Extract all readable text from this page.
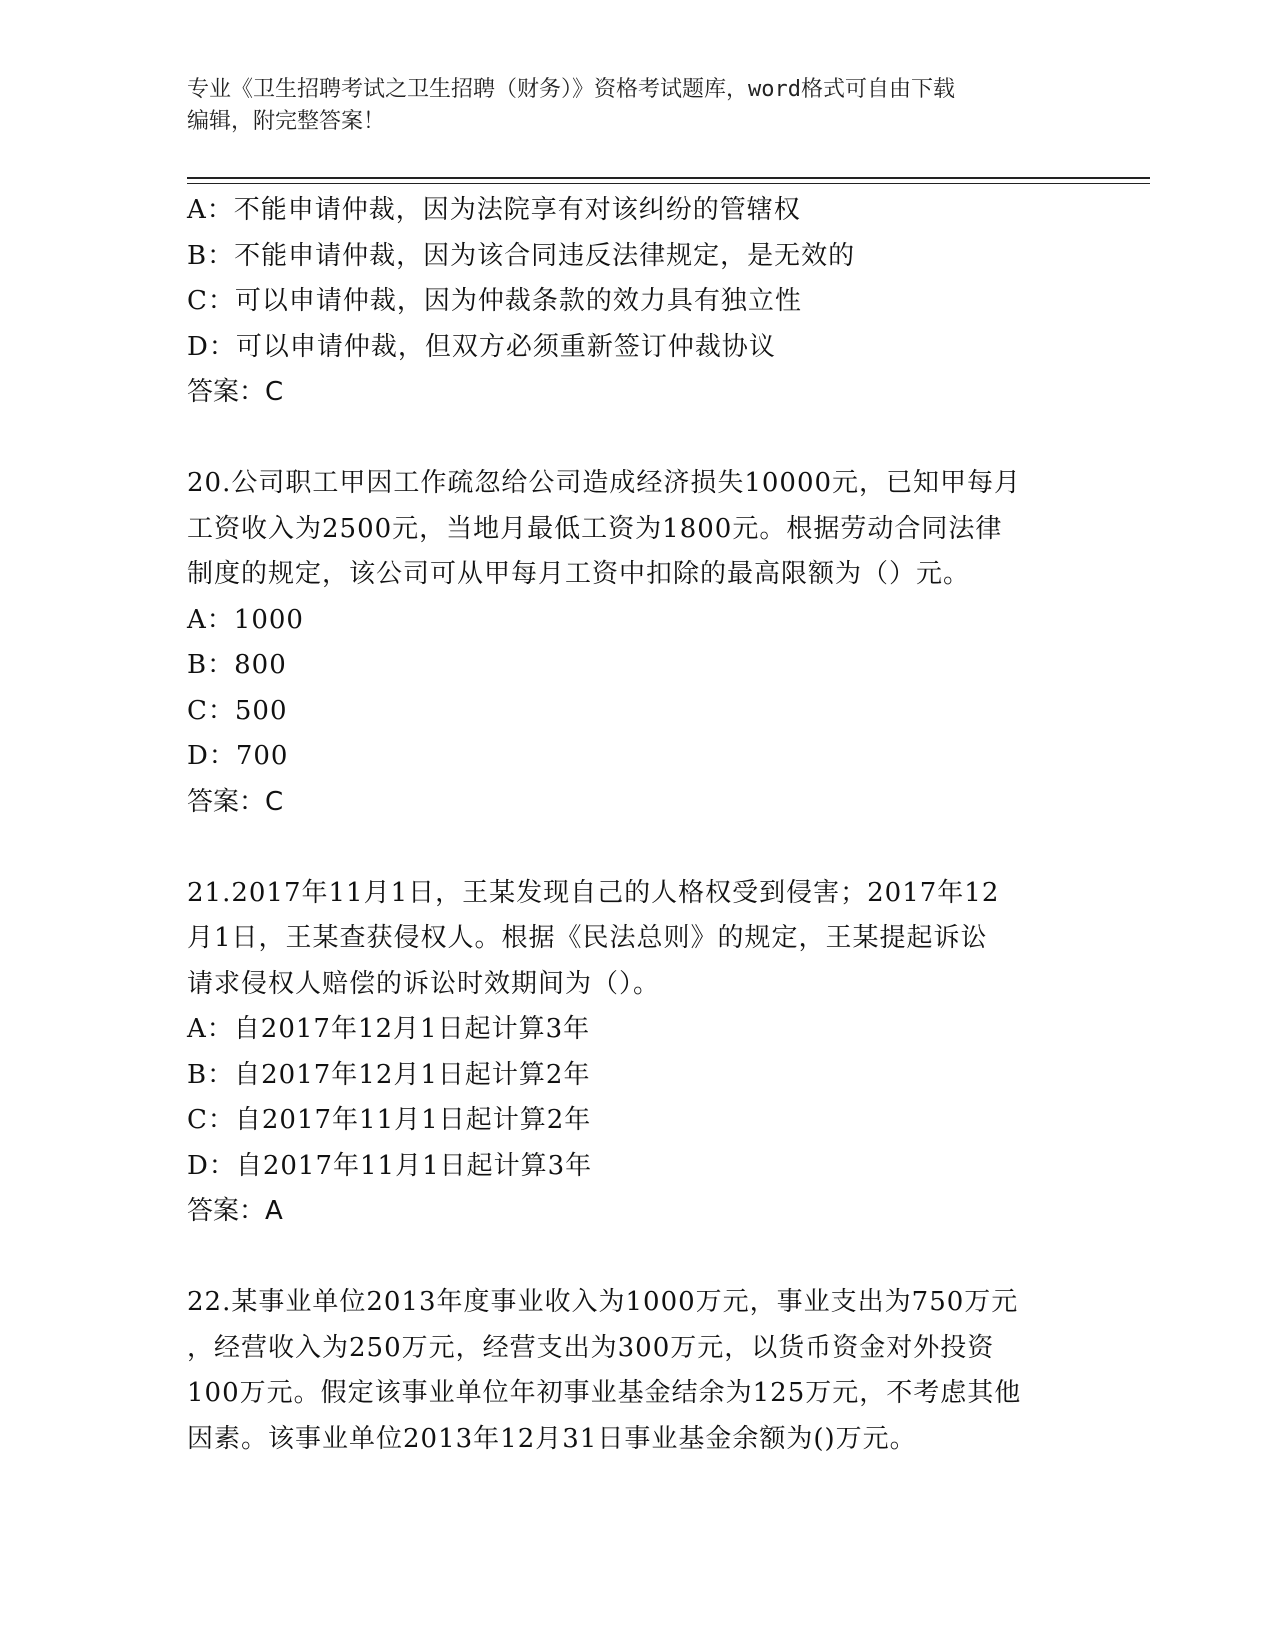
专业《卫生招聘考试之卫生招聘（财务）》资格考试题库，word格式可自由下载
编辑，附完整答案！
A：不能申请仲裁，因为法院享有对该纠纷的管辖权
B：不能申请仲裁，因为该合同违反法律规定，是无效的
C：可以申请仲裁，因为仲裁条款的效力具有独立性
D：可以申请仲裁，但双方必须重新签订仲裁协议
答案：C
20.公司职工甲因工作疏忽给公司造成经济损失10000元，已知甲每月
工资收入为2500元，当地月最低工资为1800元。根据劳动合同法律
制度的规定，该公司可从甲每月工资中扣除的最高限额为（）元。
A：1000
B：800
C：500
D：700
答案：C
21.2017年11月1日，王某发现自己的人格权受到侵害；2017年12
月1日，王某查获侵权人。根据《民法总则》的规定，王某提起诉讼
请求侵权人赔偿的诉讼时效期间为（）。
A：自2017年12月1日起计算3年
B：自2017年12月1日起计算2年
C：自2017年11月1日起计算2年
D：自2017年11月1日起计算3年
答案：A
22.某事业单位2013年度事业收入为1000万元，事业支出为750万元
，经营收入为250万元，经营支出为300万元，以货币资金对外投资
100万元。假定该事业单位年初事业基金结余为125万元，不考虑其他
因素。该事业单位2013年12月31日事业基金余额为()万元。
